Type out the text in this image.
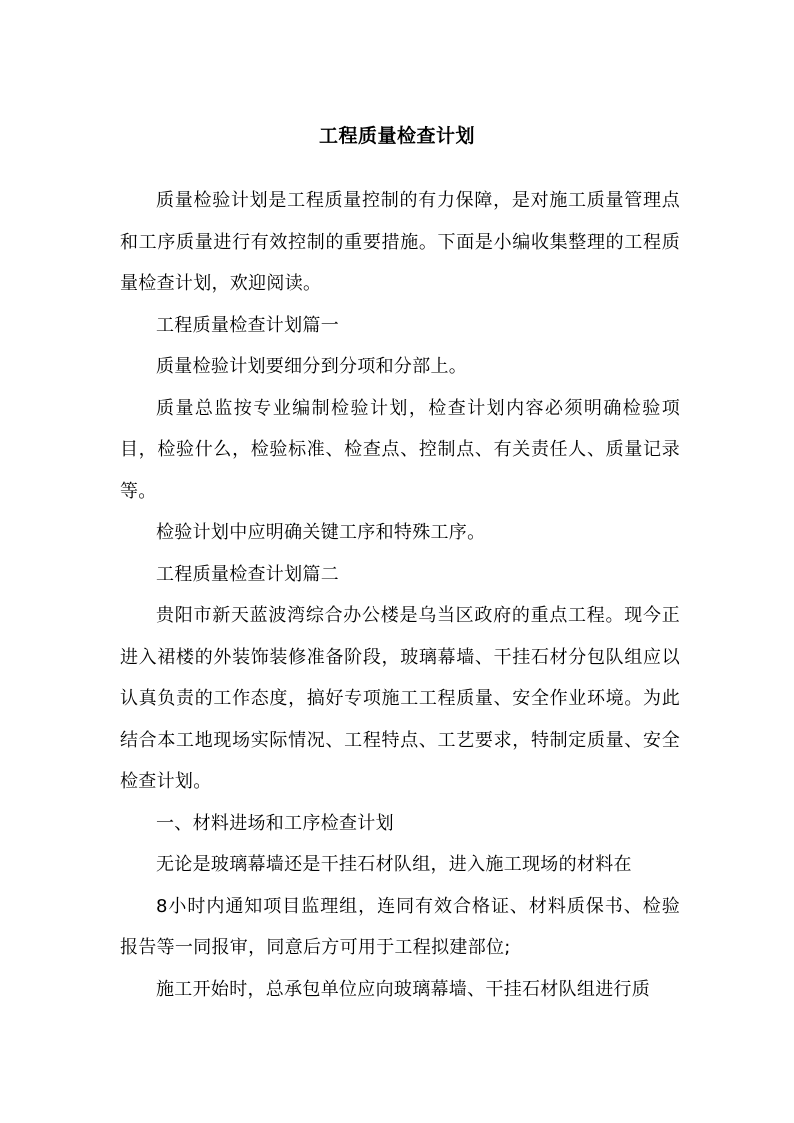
工程质量检查计划

质量检验计划是工程质量控制的有力保障，是对施工质量管理点和工序质量进行有效控制的重要措施。下面是小编收集整理的工程质量检查计划，欢迎阅读。

工程质量检查计划篇一

质量检验计划要细分到分项和分部上。

质量总监按专业编制检验计划，检查计划内容必须明确检验项目，检验什么，检验标准、检查点、控制点、有关责任人、质量记录等。

检验计划中应明确关键工序和特殊工序。

工程质量检查计划篇二

贵阳市新天蓝波湾综合办公楼是乌当区政府的重点工程。现今正进入裙楼的外装饰装修准备阶段，玻璃幕墙、干挂石材分包队组应以认真负责的工作态度，搞好专项施工工程质量、安全作业环境。为此结合本工地现场实际情况、工程特点、工艺要求，特制定质量、安全检查计划。

一、材料进场和工序检查计划

无论是玻璃幕墙还是干挂石材队组，进入施工现场的材料在

8小时内通知项目监理组，连同有效合格证、材料质保书、检验报告等一同报审，同意后方可用于工程拟建部位;

施工开始时，总承包单位应向玻璃幕墙、干挂石材队组进行质
